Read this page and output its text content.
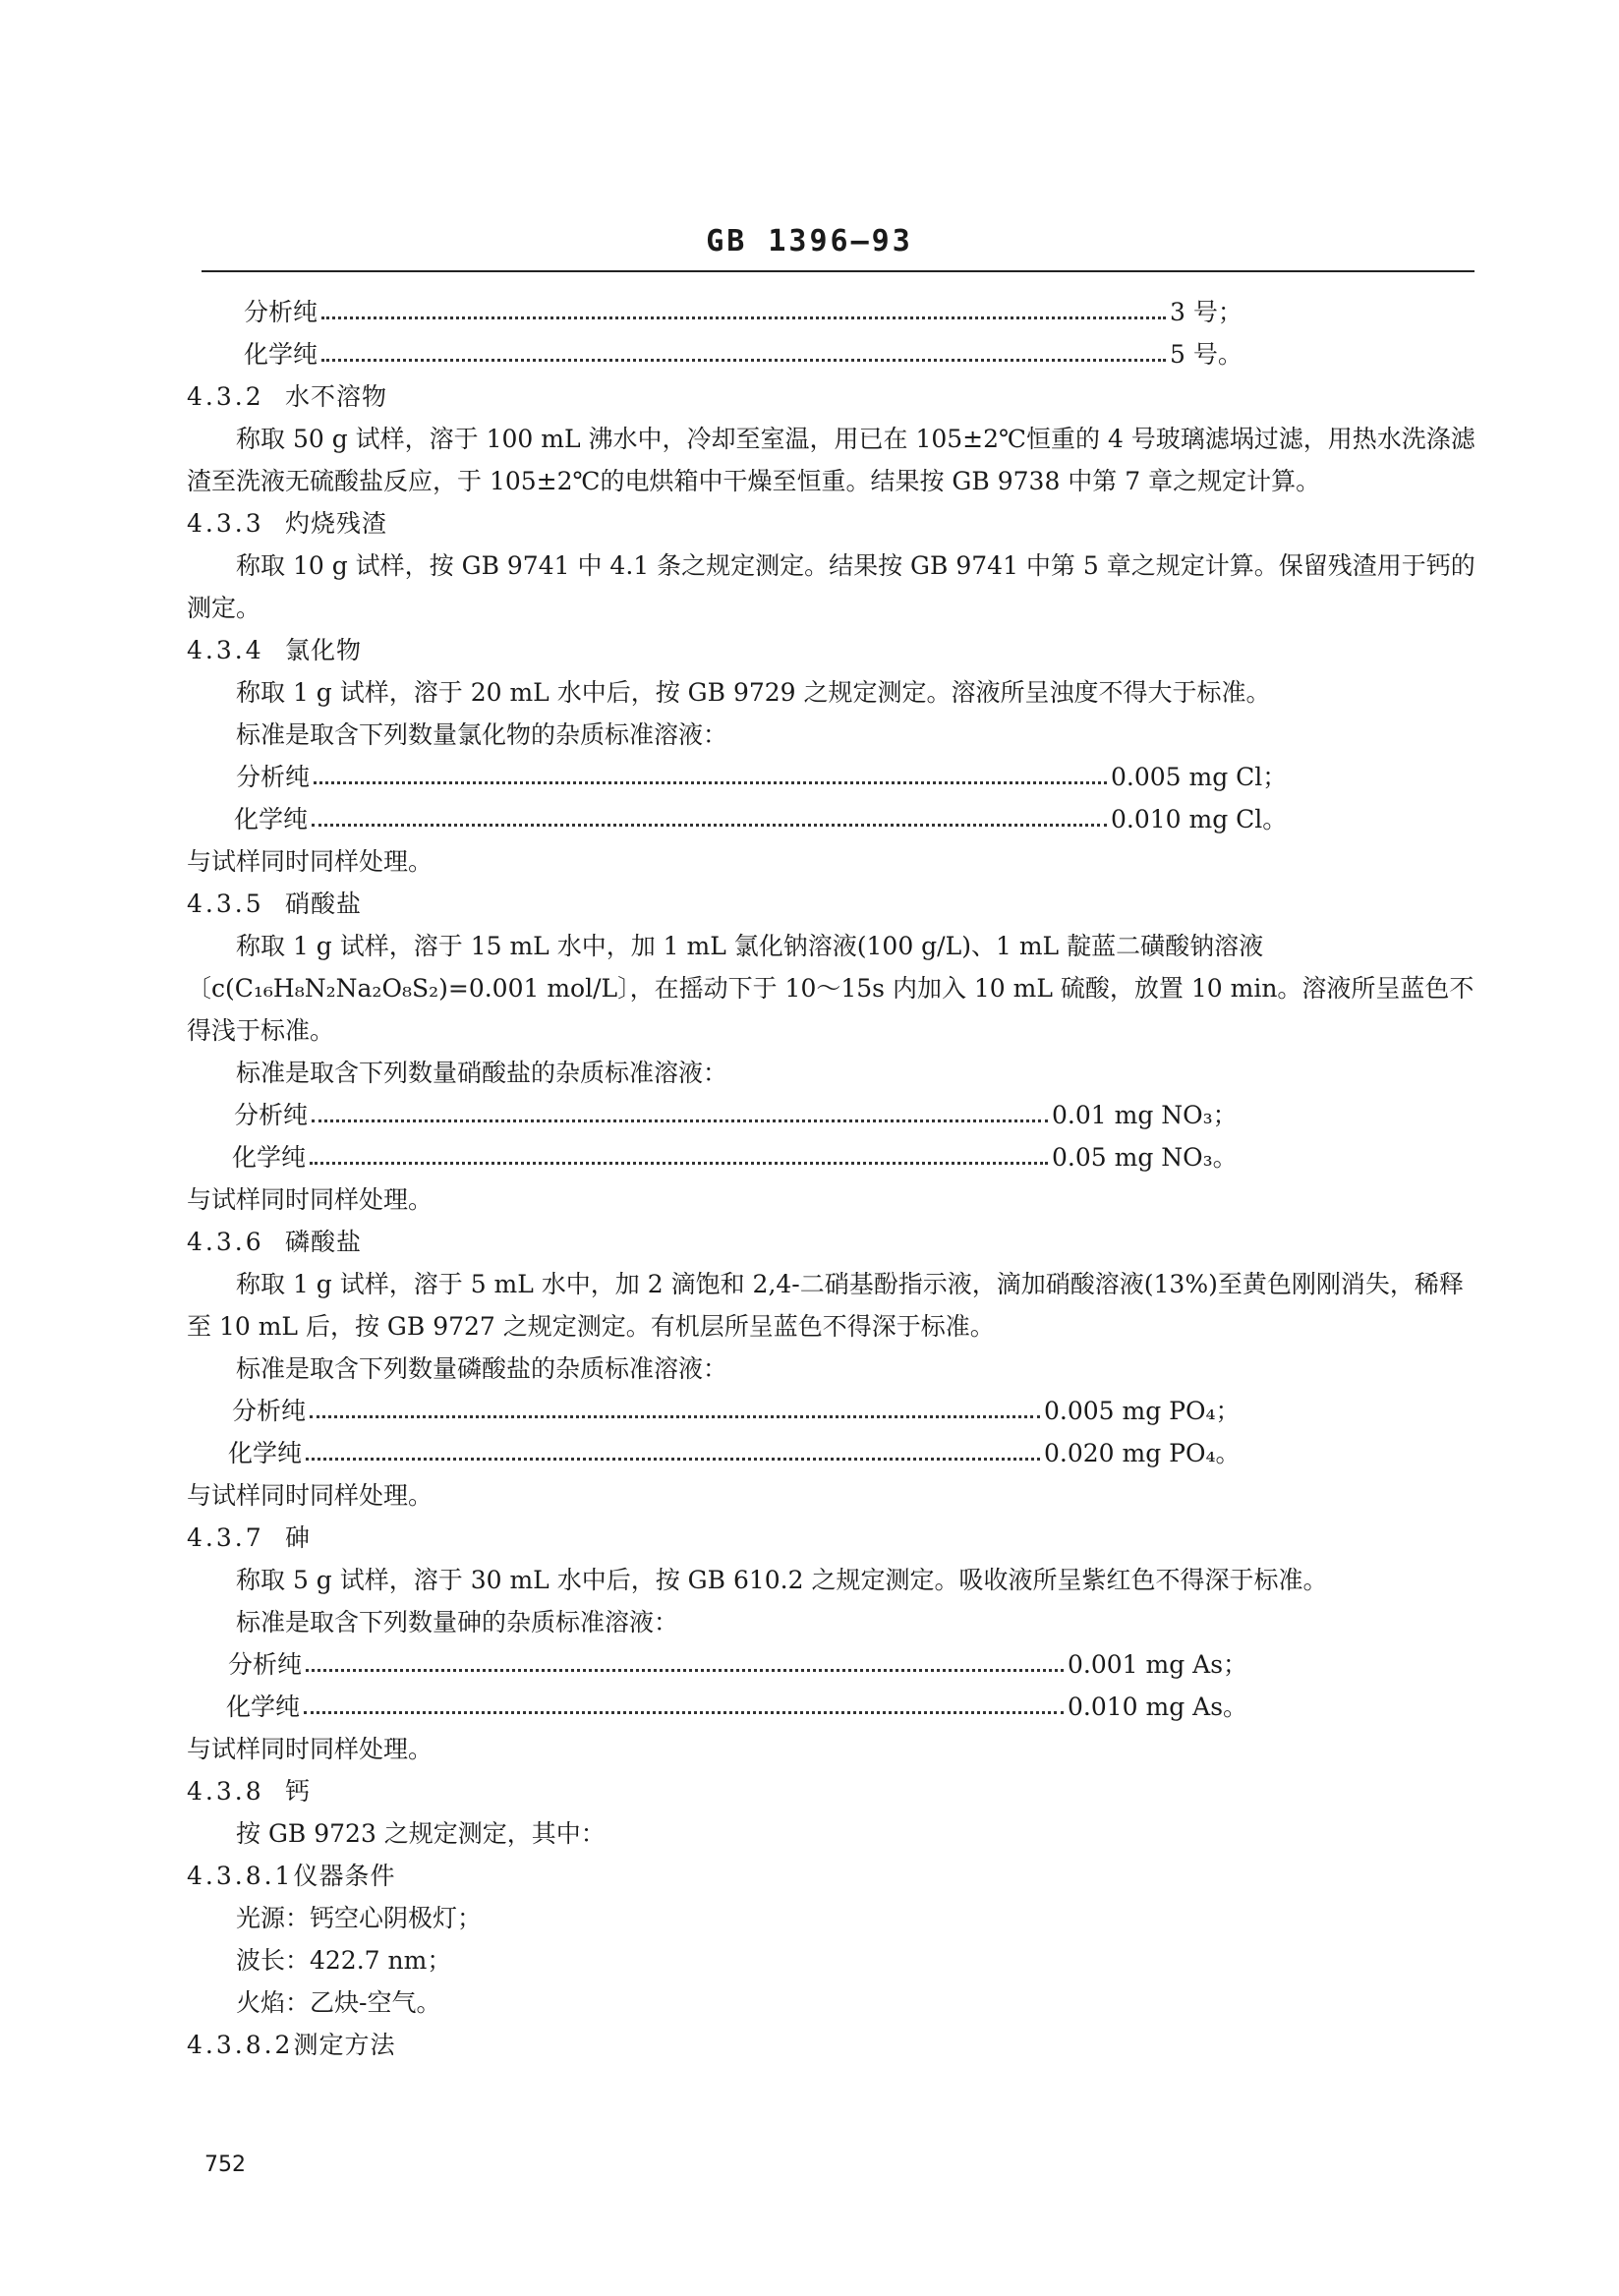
GB 1396—93
分析纯	3 号；
化学纯	5 号。
4.3.2 水不溶物
称取 50 g 试样，溶于 100 mL 沸水中，冷却至室温，用已在 105±2℃恒重的 4 号玻璃滤埚过滤，用热水洗涤滤渣至洗液无硫酸盐反应，于 105±2℃的电烘箱中干燥至恒重。结果按 GB 9738 中第 7 章之规定计算。
4.3.3 灼烧残渣
称取 10 g 试样，按 GB 9741 中 4.1 条之规定测定。结果按 GB 9741 中第 5 章之规定计算。保留残渣用于钙的测定。
4.3.4 氯化物
称取 1 g 试样，溶于 20 mL 水中后，按 GB 9729 之规定测定。溶液所呈浊度不得大于标准。
标准是取含下列数量氯化物的杂质标准溶液：
分析纯	0.005 mg Cl；
化学纯	0.010 mg Cl。
与试样同时同样处理。
4.3.5 硝酸盐
称取 1 g 试样，溶于 15 mL 水中，加 1 mL 氯化钠溶液(100 g/L)、1 mL 靛蓝二磺酸钠溶液〔c(C₁₆H₈N₂Na₂O₈S₂)=0.001 mol/L〕，在摇动下于 10～15s 内加入 10 mL 硫酸，放置 10 min。溶液所呈蓝色不得浅于标准。
标准是取含下列数量硝酸盐的杂质标准溶液：
分析纯	0.01 mg NO₃；
化学纯	0.05 mg NO₃。
与试样同时同样处理。
4.3.6 磷酸盐
称取 1 g 试样，溶于 5 mL 水中，加 2 滴饱和 2,4-二硝基酚指示液，滴加硝酸溶液(13%)至黄色刚刚消失，稀释至 10 mL 后，按 GB 9727 之规定测定。有机层所呈蓝色不得深于标准。
标准是取含下列数量磷酸盐的杂质标准溶液：
分析纯	0.005 mg PO₄；
化学纯	0.020 mg PO₄。
与试样同时同样处理。
4.3.7 砷
称取 5 g 试样，溶于 30 mL 水中后，按 GB 610.2 之规定测定。吸收液所呈紫红色不得深于标准。
标准是取含下列数量砷的杂质标准溶液：
分析纯	0.001 mg As；
化学纯	0.010 mg As。
与试样同时同样处理。
4.3.8 钙
按 GB 9723 之规定测定，其中：
4.3.8.1仪器条件
光源：钙空心阴极灯；
波长：422.7 nm；
火焰：乙炔-空气。
4.3.8.2测定方法
752
